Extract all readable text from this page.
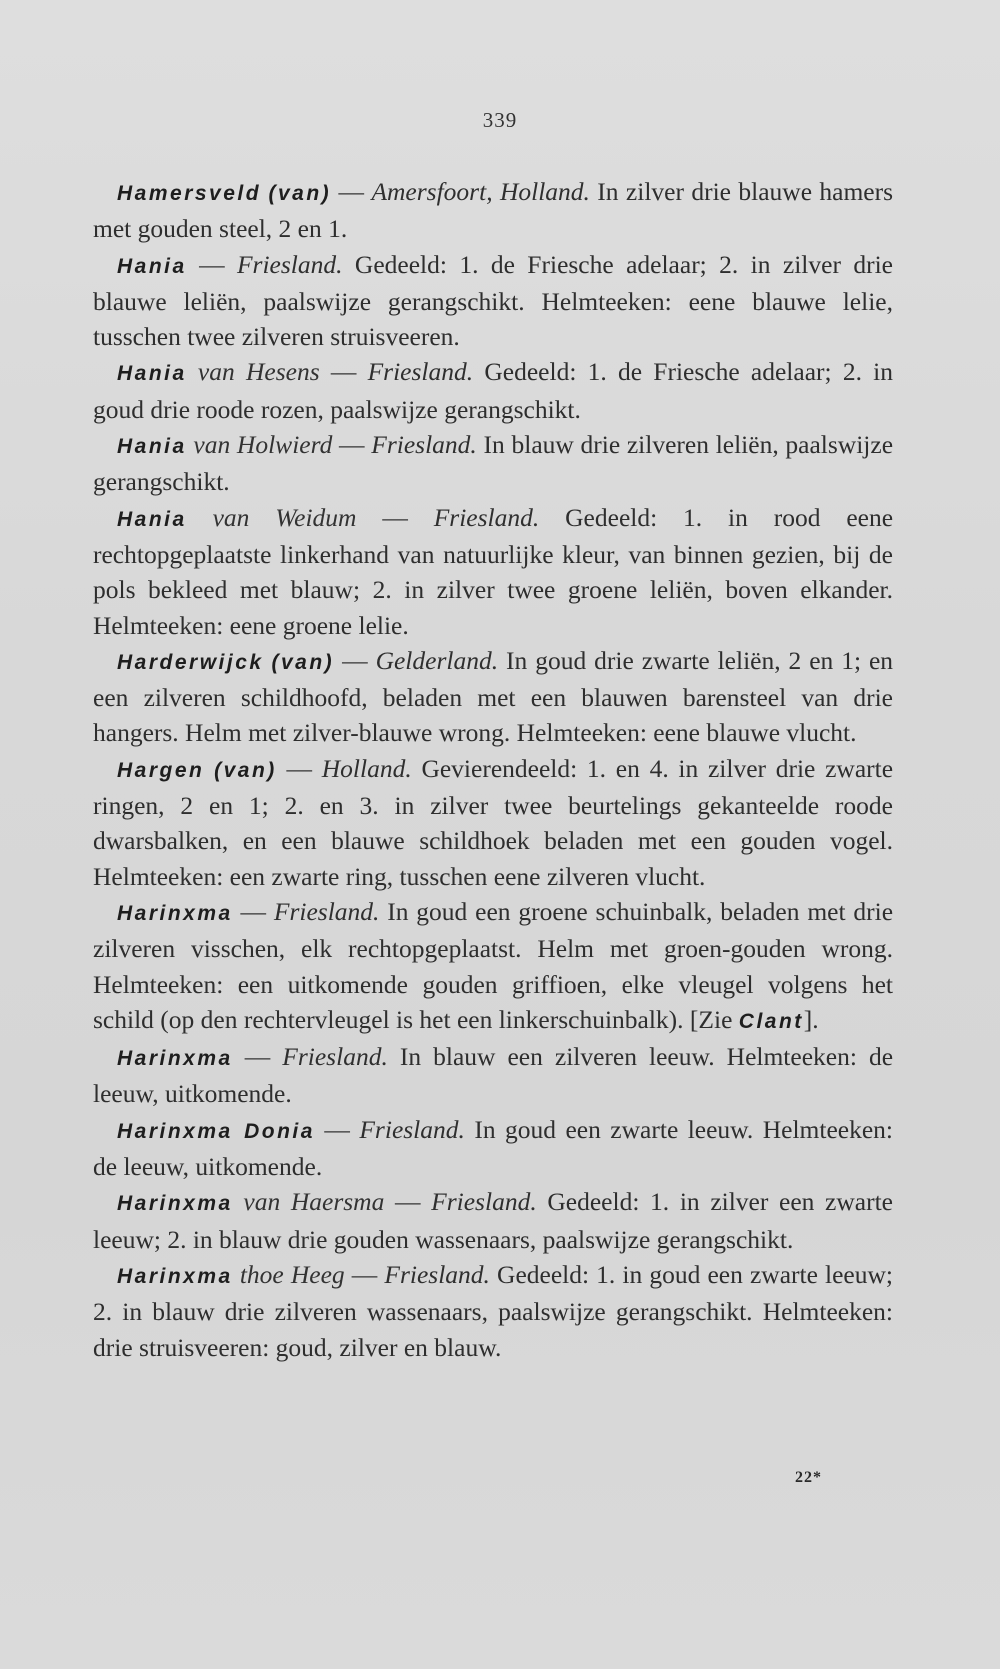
339

Hamersveld (van) — Amersfoort, Holland. In zilver drie blauwe hamers met gouden steel, 2 en 1.

Hania — Friesland. Gedeeld: 1. de Friesche adelaar; 2. in zilver drie blauwe leliën, paalswijze gerangschikt. Helmteeken: eene blauwe lelie, tusschen twee zilveren struisveeren.

Hania van Hesens — Friesland. Gedeeld: 1. de Friesche adelaar; 2. in goud drie roode rozen, paalswijze gerangschikt.

Hania van Holwierd — Friesland. In blauw drie zilveren leliën, paalswijze gerangschikt.

Hania van Weidum — Friesland. Gedeeld: 1. in rood eene rechtopgeplaatste linkerhand van natuurlijke kleur, van binnen gezien, bij de pols bekleed met blauw; 2. in zilver twee groene leliën, boven elkander. Helmteeken: eene groene lelie.

Harderwijck (van) — Gelderland. In goud drie zwarte leliën, 2 en 1; en een zilveren schildhoofd, beladen met een blauwen barensteel van drie hangers. Helm met zilver-blauwe wrong. Helmteeken: eene blauwe vlucht.

Hargen (van) — Holland. Gevierendeeld: 1. en 4. in zilver drie zwarte ringen, 2 en 1; 2. en 3. in zilver twee beurtelings gekanteelde roode dwarsbalken, en een blauwe schildhoek beladen met een gouden vogel. Helmteeken: een zwarte ring, tusschen eene zilveren vlucht.

Harinxma — Friesland. In goud een groene schuinbalk, beladen met drie zilveren visschen, elk rechtopgeplaatst. Helm met groen-gouden wrong. Helmteeken: een uitkomende gouden griffioen, elke vleugel volgens het schild (op den rechtervleugel is het een linkerschuinbalk). [Zie Clant].

Harinxma — Friesland. In blauw een zilveren leeuw. Helmteeken: de leeuw, uitkomende.

Harinxma Donia — Friesland. In goud een zwarte leeuw. Helmteeken: de leeuw, uitkomende.

Harinxma van Haersma — Friesland. Gedeeld: 1. in zilver een zwarte leeuw; 2. in blauw drie gouden wassenaars, paalswijze gerangschikt.

Harinxma thoe Heeg — Friesland. Gedeeld: 1. in goud een zwarte leeuw; 2. in blauw drie zilveren wassenaars, paalswijze gerangschikt. Helmteeken: drie struisveeren: goud, zilver en blauw.

22*
